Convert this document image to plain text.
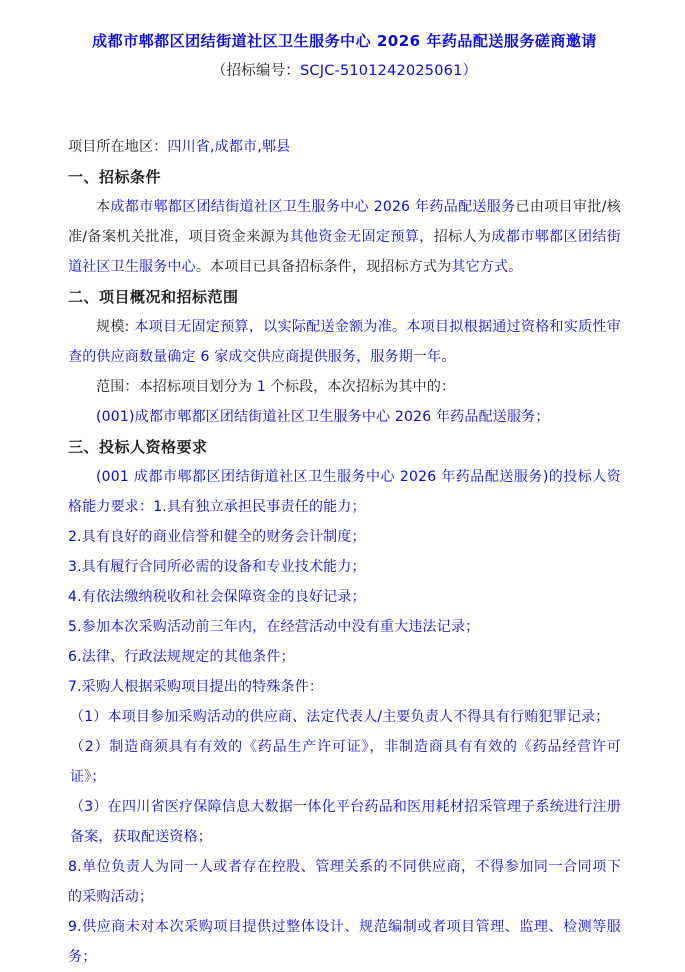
成都市郫都区团结街道社区卫生服务中心 2026 年药品配送服务磋商邀请
（招标编号：SCJC-5101242025061）
项目所在地区：四川省,成都市,郫县
一、招标条件
本成都市郫都区团结街道社区卫生服务中心 2026 年药品配送服务已由项目审批/核准/备案机关批准，项目资金来源为其他资金无固定预算，招标人为成都市郫都区团结街道社区卫生服务中心。本项目已具备招标条件，现招标方式为其它方式。
二、项目概况和招标范围
规模: 本项目无固定预算，以实际配送金额为准。本项目拟根据通过资格和实质性审查的供应商数量确定 6 家成交供应商提供服务，服务期一年。
范围：本招标项目划分为 1 个标段，本次招标为其中的：
(001)成都市郫都区团结街道社区卫生服务中心 2026 年药品配送服务；
三、投标人资格要求
(001 成都市郫都区团结街道社区卫生服务中心 2026 年药品配送服务)的投标人资格能力要求：1.具有独立承担民事责任的能力；
2.具有良好的商业信誉和健全的财务会计制度；
3.具有履行合同所必需的设备和专业技术能力；
4.有依法缴纳税收和社会保障资金的良好记录；
5.参加本次采购活动前三年内，在经营活动中没有重大违法记录；
6.法律、行政法规规定的其他条件；
7.采购人根据采购项目提出的特殊条件：
（1）本项目参加采购活动的供应商、法定代表人/主要负责人不得具有行贿犯罪记录；
（2）制造商须具有有效的《药品生产许可证》，非制造商具有有效的《药品经营许可证》；
（3）在四川省医疗保障信息大数据一体化平台药品和医用耗材招采管理子系统进行注册备案，获取配送资格；
8.单位负责人为同一人或者存在控股、管理关系的不同供应商，不得参加同一合同项下的采购活动；
9.供应商未对本次采购项目提供过整体设计、规范编制或者项目管理、监理、检测等服务；
